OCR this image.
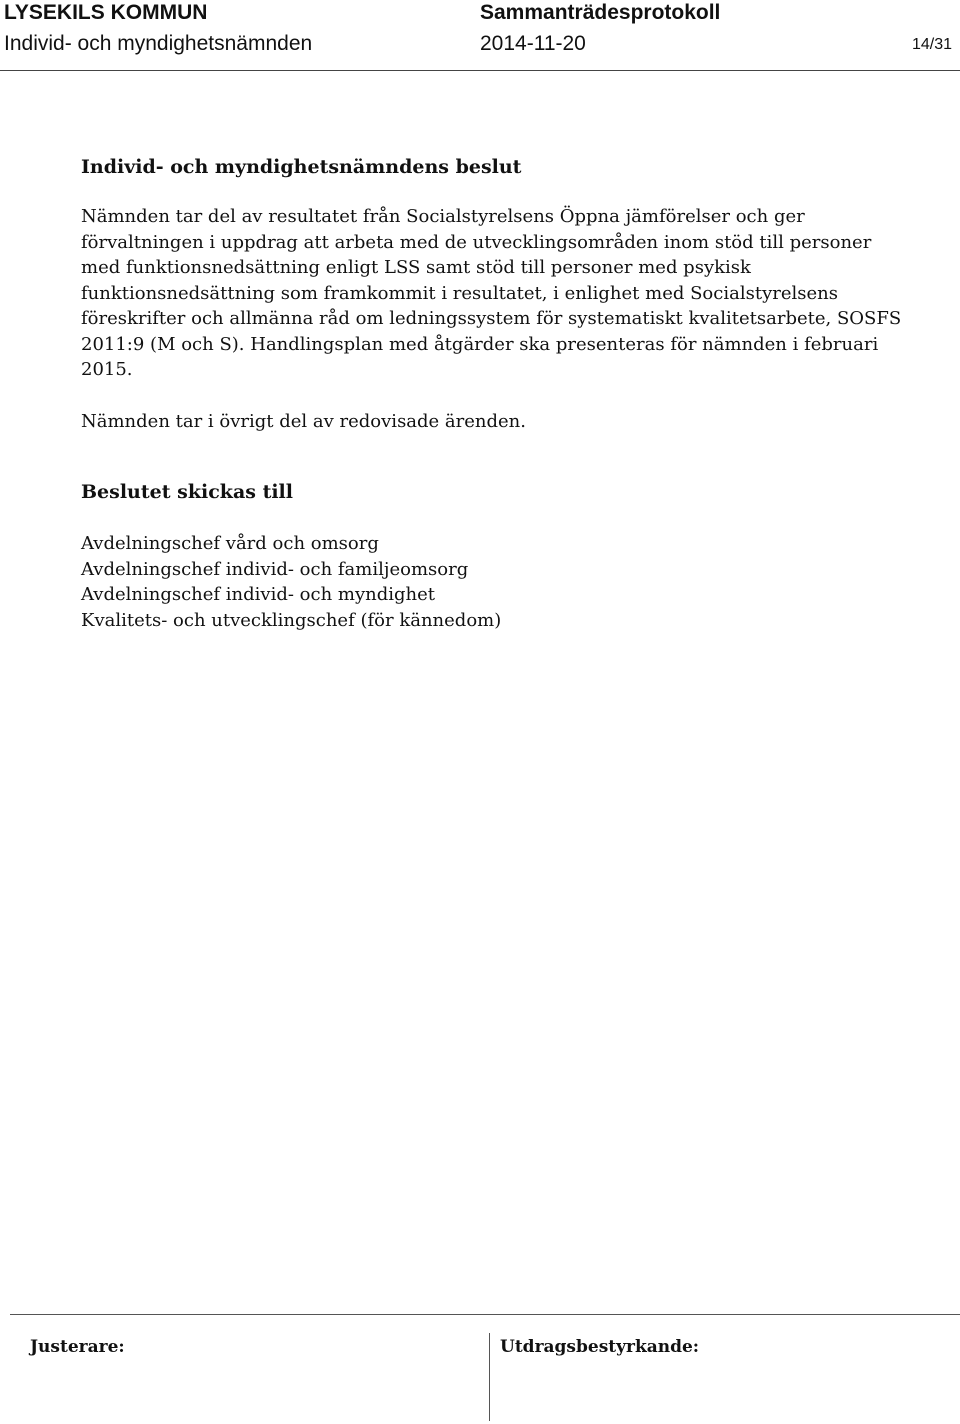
LYSEKILS KOMMUN	Sammanträdesprotokoll
Individ- och myndighetsnämnden	2014-11-20	14/31
Individ- och myndighetsnämndens beslut

Nämnden tar del av resultatet från Socialstyrelsens Öppna jämförelser och ger förvaltningen i uppdrag att arbeta med de utvecklingsområden inom stöd till personer med funktionsnedsättning enligt LSS samt stöd till personer med psykisk funktionsnedsättning som framkommit i resultatet, i enlighet med Socialstyrelsens föreskrifter och allmänna råd om ledningssystem för systematiskt kvalitetsarbete, SOSFS 2011:9 (M och S). Handlingsplan med åtgärder ska presenteras för nämnden i februari 2015.

Nämnden tar i övrigt del av redovisade ärenden.

Beslutet skickas till
Avdelningschef vård och omsorg
Avdelningschef individ- och familjeomsorg
Avdelningschef individ- och myndighet
Kvalitets- och utvecklingschef (för kännedom)
Justerare:	Utdragsbestyrkande:
